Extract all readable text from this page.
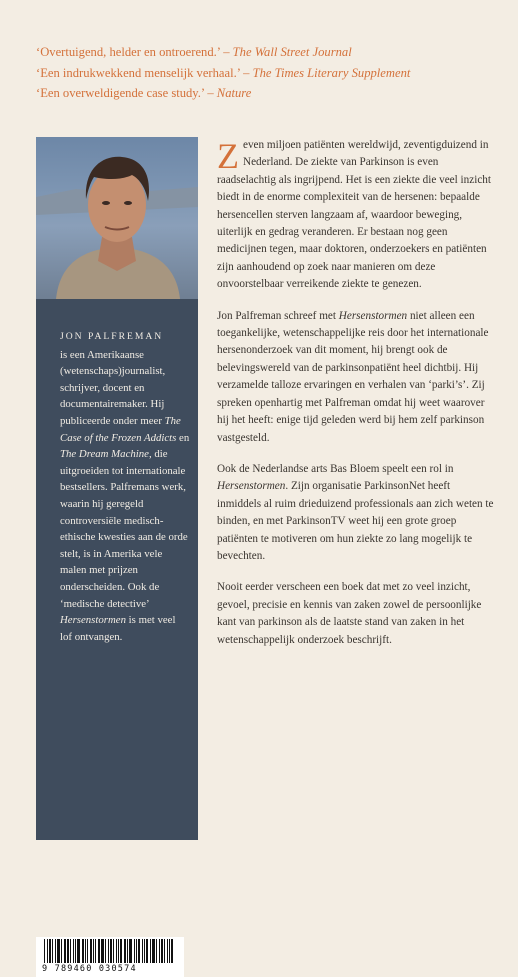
‘Overtuigend, helder en ontroerend.’ – The Wall Street Journal
‘Een indrukwekkend menselijk verhaal.’ – The Times Literary Supplement
‘Een overweldigende case study.’ – Nature
JON PALFREMAN

is een Amerikaanse (wetenschaps)journalist, schrijver, docent en documentairemaker. Hij publiceerde onder meer The Case of the Frozen Addicts en The Dream Machine, die uitgroeiden tot internationale bestsellers. Palfremans werk, waarin hij geregeld controversiële medisch-ethische kwesties aan de orde stelt, is in Amerika vele malen met prijzen onderscheiden. Ook de ‘medische detective’ Hersenstormen is met veel lof ontvangen.

9 789460 030574

Zeven miljoen patiënten wereldwijd, zeventigduizend in Nederland. De ziekte van Parkinson is even raadselachtig als ingrijpend. Het is een ziekte die veel inzicht biedt in de enorme complexiteit van de hersenen: bepaalde hersencellen sterven langzaam af, waardoor beweging, uiterlijk en gedrag veranderen. Er bestaan nog geen medicijnen tegen, maar doktoren, onderzoekers en patiënten zijn aanhoudend op zoek naar manieren om deze onvoorstelbaar verreikende ziekte te genezen.

Jon Palfreman schreef met Hersenstormen niet alleen een toegankelijke, wetenschappelijke reis door het internationale hersenonderzoek van dit moment, hij brengt ook de belevingswereld van de parkinsonpatiënt heel dichtbij. Hij verzamelde talloze ervaringen en verhalen van ‘parki’s’. Zij spreken openhartig met Palfreman omdat hij weet waarover hij het heeft: enige tijd geleden werd bij hem zelf parkinson vastgesteld.

Ook de Nederlandse arts Bas Bloem speelt een rol in Hersenstormen. Zijn organisatie ParkinsonNet heeft inmiddels al ruim drieduizend professionals aan zich weten te binden, en met ParkinsonTV weet hij een grote groep patiënten te motiveren om hun ziekte zo lang mogelijk te bevechten.

Nooit eerder verscheen een boek dat met zo veel inzicht, gevoel, precisie en kennis van zaken zowel de persoonlijke kant van parkinson als de laatste stand van zaken in het wetenschappelijk onderzoek beschrijft.
